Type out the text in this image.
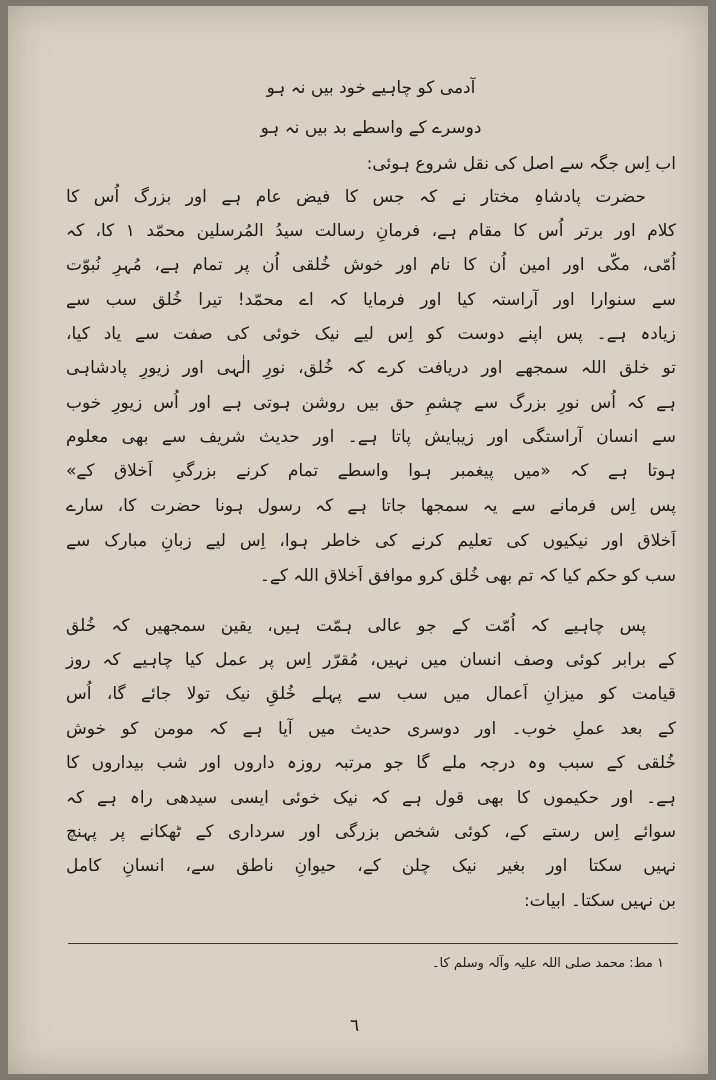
آدمی کو چاہیے خود بیں نہ ہو
دوسرے کے واسطے بد بیں نہ ہو
اب اِس جگہ سے اصل کی نقل شروع ہوئی:
حضرت پادشاہِ مختار نے کہ جس کا فیض عام ہے اور بزرگ اُس کا
کلام اور برتر اُس کا مقام ہے، فرمانِ رسالت سیدُ المُرسلین محمّد ۱ کا، کہ
اُمّی، مکّی اور امین اُن کا نام اور خوش خُلقی اُن پر تمام ہے، مُہرِ نُبوّت
سے سنوارا اور آراستہ کیا اور فرمایا کہ اے محمّد! تیرا خُلق سب سے
زیادہ ہے۔ پس اپنے دوست کو اِس لیے نیک خوئی کی صفت سے یاد کیا،
تو خلق اللہ سمجھے اور دریافت کرے کہ خُلق، نورِ الٰہی اور زیورِ پادشاہی
ہے کہ اُس نورِ بزرگ سے چشمِ حق بیں روشن ہوتی ہے اور اُس زیورِ خوب
سے انسان آراستگی اور زیبایش پاتا ہے۔ اور حدیث شریف سے بھی معلوم
ہوتا ہے کہ «میں پیغمبر ہوا واسطے تمام کرنے بزرگیِ اَخلاق کے»
پس اِس فرمانے سے یہ سمجھا جاتا ہے کہ رسول ہونا حضرت کا، سارے
اَخلاق اور نیکیوں کی تعلیم کرنے کی خاطر ہوا، اِس لیے زبانِ مبارک سے
سب کو حکم کیا کہ تم بھی خُلق کرو موافق اَخلاق اللہ کے۔
پس چاہیے کہ اُمّت کے جو عالی ہمّت ہیں، یقین سمجھیں کہ خُلق
کے برابر کوئی وصف انسان میں نہیں، مُقرّر اِس پر عمل کیا چاہیے کہ روز
قیامت کو میزانِ اَعمال میں سب سے پہلے خُلقِ نیک تولا جائے گا، اُس
کے بعد عملِ خوب۔ اور دوسری حدیث میں آیا ہے کہ مومن کو خوش
خُلقی کے سبب وہ درجہ ملے گا جو مرتبہ روزہ داروں اور شب بیداروں کا
ہے۔ اور حکیموں کا بھی قول ہے کہ نیک خوئی ایسی سیدھی راہ ہے کہ
سوائے اِس رستے کے، کوئی شخص بزرگی اور سرداری کے ٹھکانے پر پہنچ
نہیں سکتا اور بغیر نیک چلن کے، حیوانِ ناطق سے، انسانِ کامل
بن نہیں سکتا۔ ابیات:
۱ مط: محمد صلی اللہ علیہ وآلہ وسلم کا۔
٦
